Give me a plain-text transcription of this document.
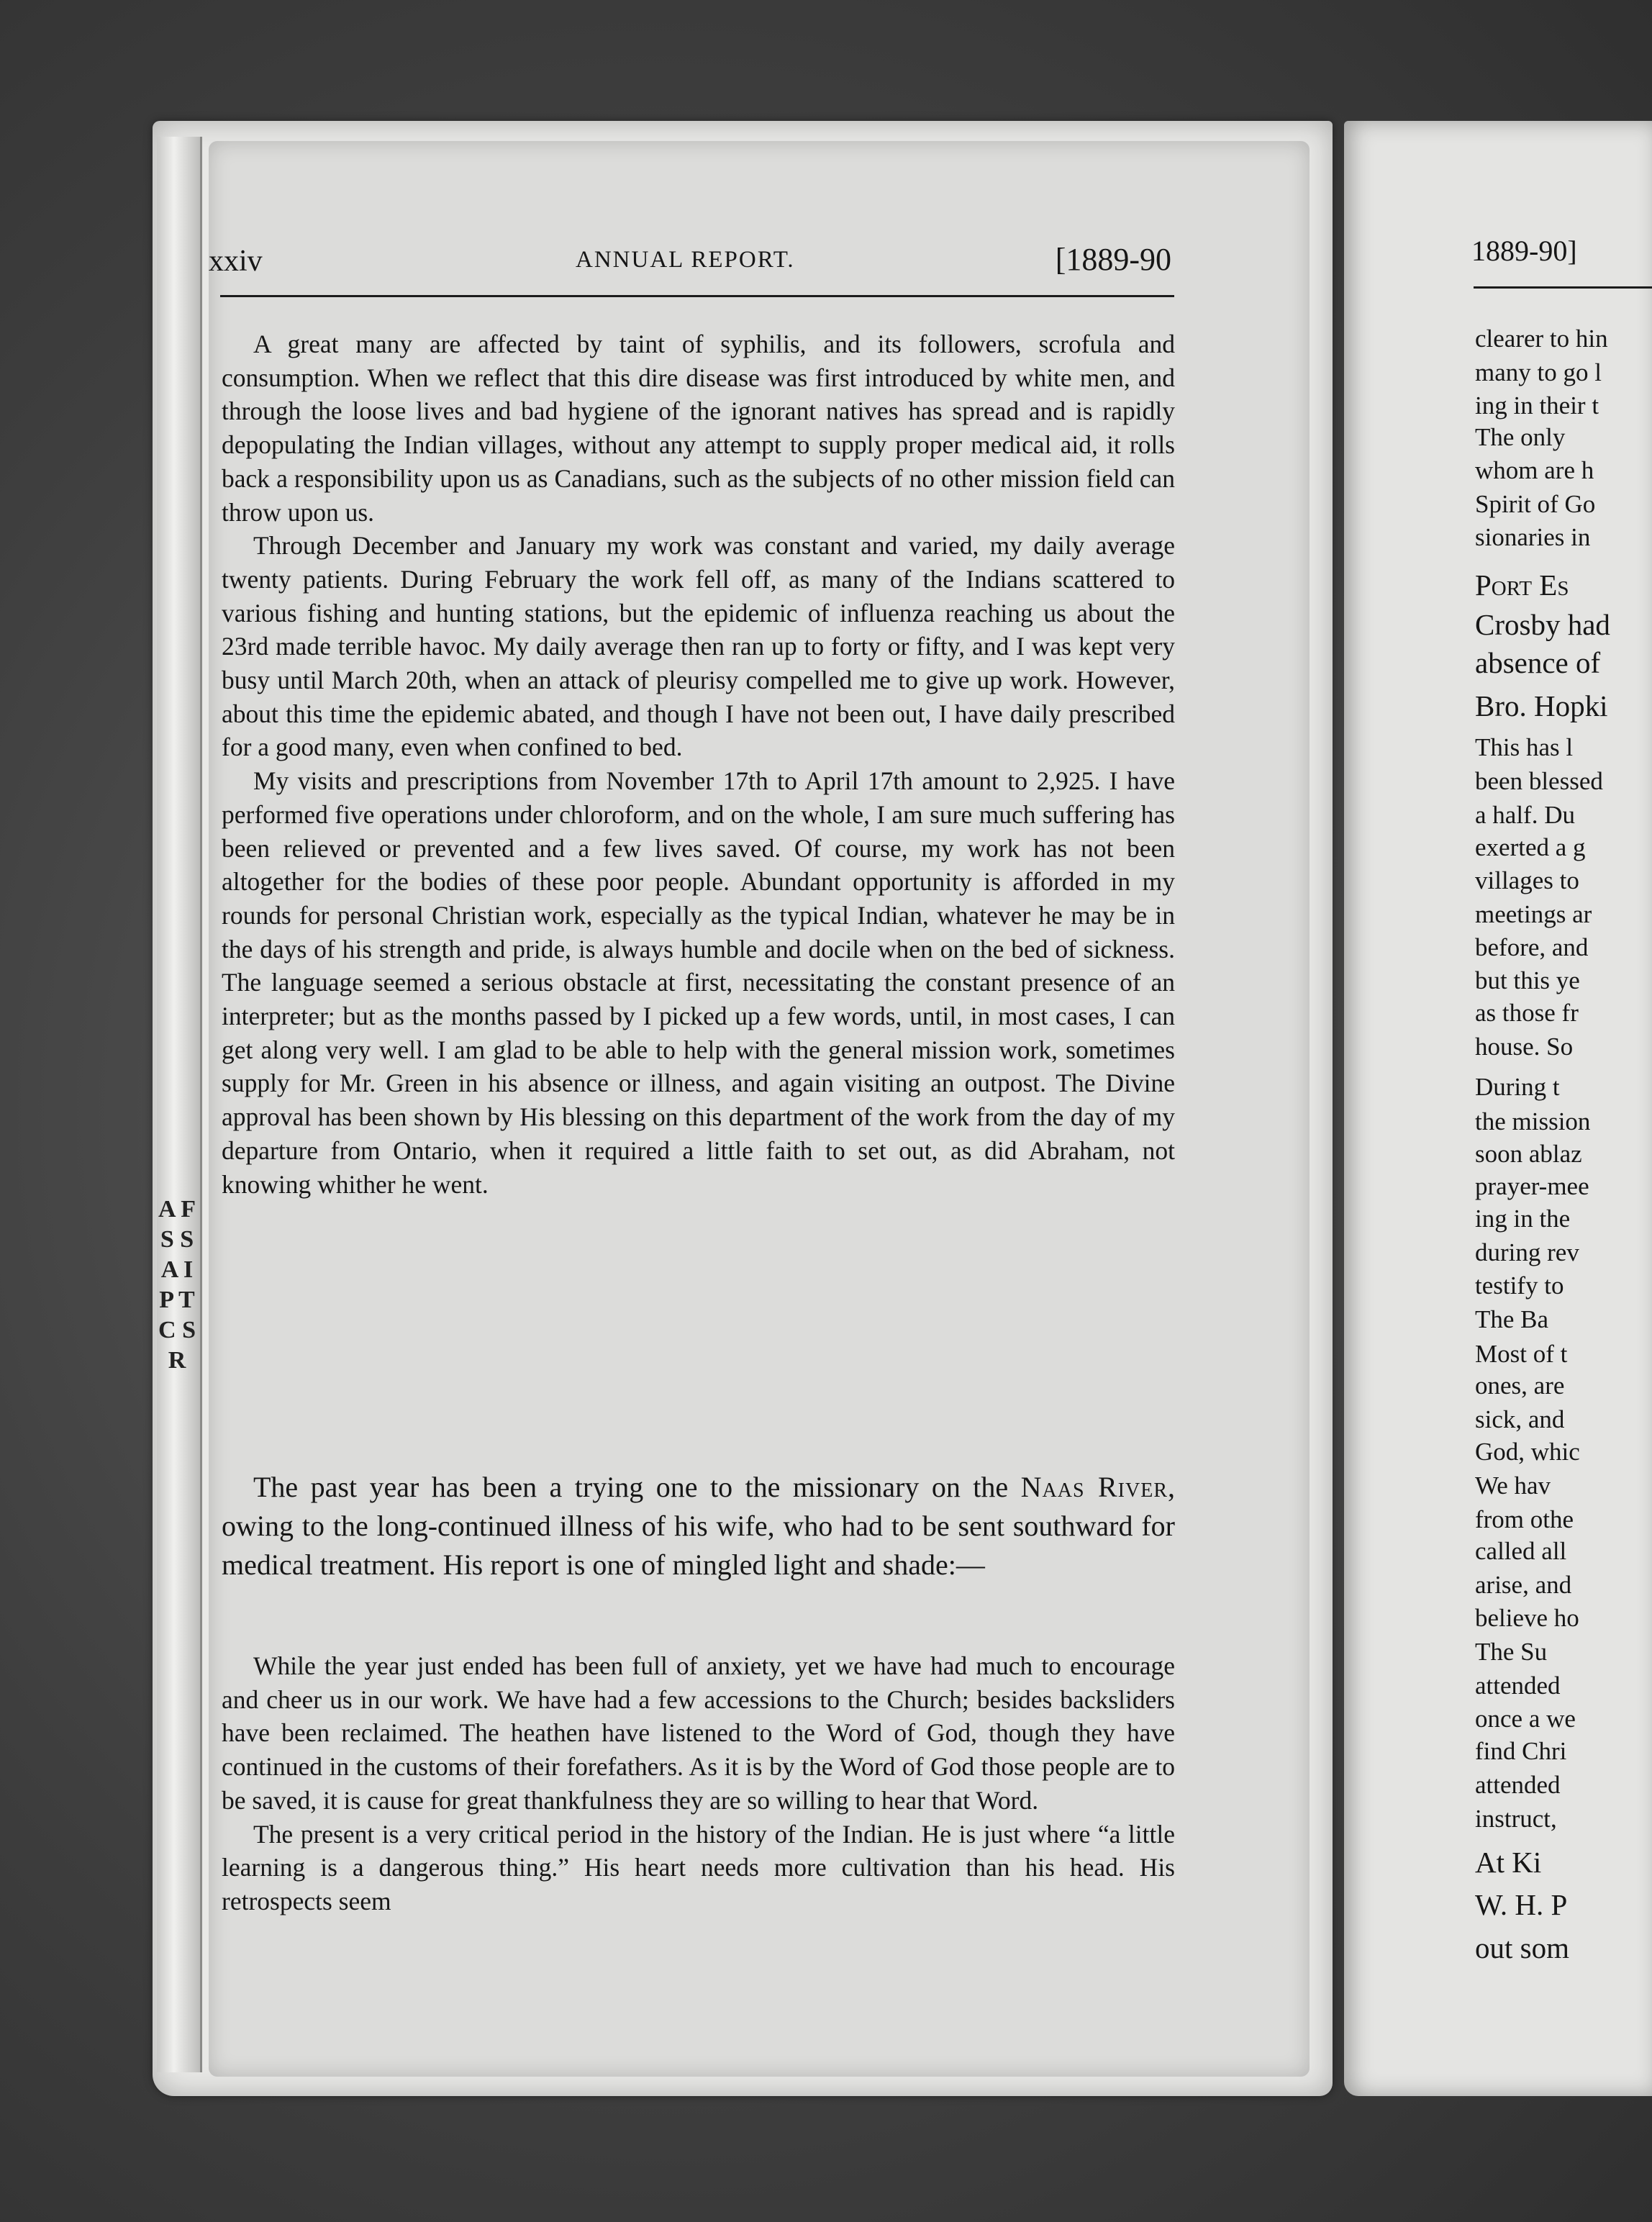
A F S S A I P T C S R
xxiv	ANNUAL REPORT.	[1889-90

A great many are affected by taint of syphilis, and its followers, scrofula and consumption. When we reflect that this dire disease was first introduced by white men, and through the loose lives and bad hygiene of the ignorant natives has spread and is rapidly depopulating the Indian villages, without any attempt to supply proper medical aid, it rolls back a responsibility upon us as Canadians, such as the subjects of no other mission field can throw upon us.

Through December and January my work was constant and varied, my daily average twenty patients. During February the work fell off, as many of the Indians scattered to various fishing and hunting stations, but the epidemic of influenza reaching us about the 23rd made terrible havoc. My daily average then ran up to forty or fifty, and I was kept very busy until March 20th, when an attack of pleurisy compelled me to give up work. However, about this time the epidemic abated, and though I have not been out, I have daily prescribed for a good many, even when confined to bed.

My visits and prescriptions from November 17th to April 17th amount to 2,925. I have performed five operations under chloroform, and on the whole, I am sure much suffering has been relieved or prevented and a few lives saved. Of course, my work has not been altogether for the bodies of these poor people. Abundant opportunity is afforded in my rounds for personal Christian work, especially as the typical Indian, whatever he may be in the days of his strength and pride, is always humble and docile when on the bed of sickness. The language seemed a serious obstacle at first, necessitating the constant presence of an interpreter; but as the months passed by I picked up a few words, until, in most cases, I can get along very well. I am glad to be able to help with the general mission work, sometimes supply for Mr. Green in his absence or illness, and again visiting an outpost. The Divine approval has been shown by His blessing on this department of the work from the day of my departure from Ontario, when it required a little faith to set out, as did Abraham, not knowing whither he went.

The past year has been a trying one to the missionary on the Naas River, owing to the long-continued illness of his wife, who had to be sent southward for medical treatment. His report is one of mingled light and shade:—

While the year just ended has been full of anxiety, yet we have had much to encourage and cheer us in our work. We have had a few accessions to the Church; besides backsliders have been reclaimed. The heathen have listened to the Word of God, though they have continued in the customs of their forefathers. As it is by the Word of God those people are to be saved, it is cause for great thankfulness they are so willing to hear that Word.

The present is a very critical period in the history of the Indian. He is just where “a little learning is a dangerous thing.” His heart needs more cultivation than his head. His retrospects seem

1889-90]
clearer to hin
many to go l
ing in their t
The only
whom are h
Spirit of Go
sionaries in
Port Es
Crosby had
absence of
Bro. Hopki
This has l
been blessed
a half. Du
exerted a g
villages to
meetings ar
before, and
but this ye
as those fr
house. So
During t
the mission
soon ablaz
prayer-mee
ing in the
during rev
testify to
The Ba
Most of t
ones, are
sick, and
God, whic
We hav
from othe
called all
arise, and
believe ho
The Su
attended
once a we
find Chri
attended
instruct,
At Ki
W. H. P
out som
